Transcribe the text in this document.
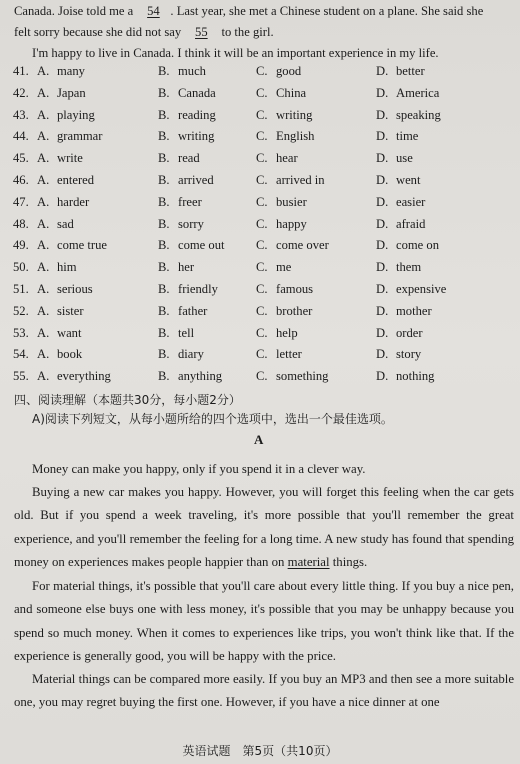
Canada. Joise told me a 54 . Last year, she met a Chinese student on a plane. She said she
felt sorry because she did not say 55 to the girl.
I'm happy to live in Canada. I think it will be an important experience in my life.
41. A. many	B. much	C. good	D. better
42. A. Japan	B. Canada	C. China	D. America
43. A. playing	B. reading	C. writing	D. speaking
44. A. grammar	B. writing	C. English	D. time
45. A. write	B. read	C. hear	D. use
46. A. entered	B. arrived	C. arrived in	D. went
47. A. harder	B. freer	C. busier	D. easier
48. A. sad	B. sorry	C. happy	D. afraid
49. A. come true	B. come out C. come over	D. come on
50. A. him	B. her	C. me	D. them
51. A. serious	B. friendly	C. famous	D. expensive
52. A. sister	B. father	C. brother	D. mother
53. A. want	B. tell	C. help	D. order
54. A. book	B. diary	C. letter	D. story
55. A. everything	B. anything	C. something	D. nothing
四、阅读理解（本题共30分，每小题2分）
A)阅读下列短文，从每小题所给的四个选项中，选出一个最佳选项。
A
Money can make you happy, only if you spend it in a clever way.
Buying a new car makes you happy. However, you will forget this feeling when the car gets old. But if you spend a week traveling, it's more possible that you'll remember the great experience, and you'll remember the feeling for a long time. A new study has found that spending money on experiences makes people happier than on material things.
For material things, it's possible that you'll care about every little thing. If you buy a nice pen, and someone else buys one with less money, it's possible that you may be unhappy because you spend so much money. When it comes to experiences like trips, you won't think like that. If the experience is generally good, you will be happy with the price.
Material things can be compared more easily. If you buy an MP3 and then see a more suitable one, you may regret buying the first one. However, if you have a nice dinner at one
英语试题　第5页（共10页）
